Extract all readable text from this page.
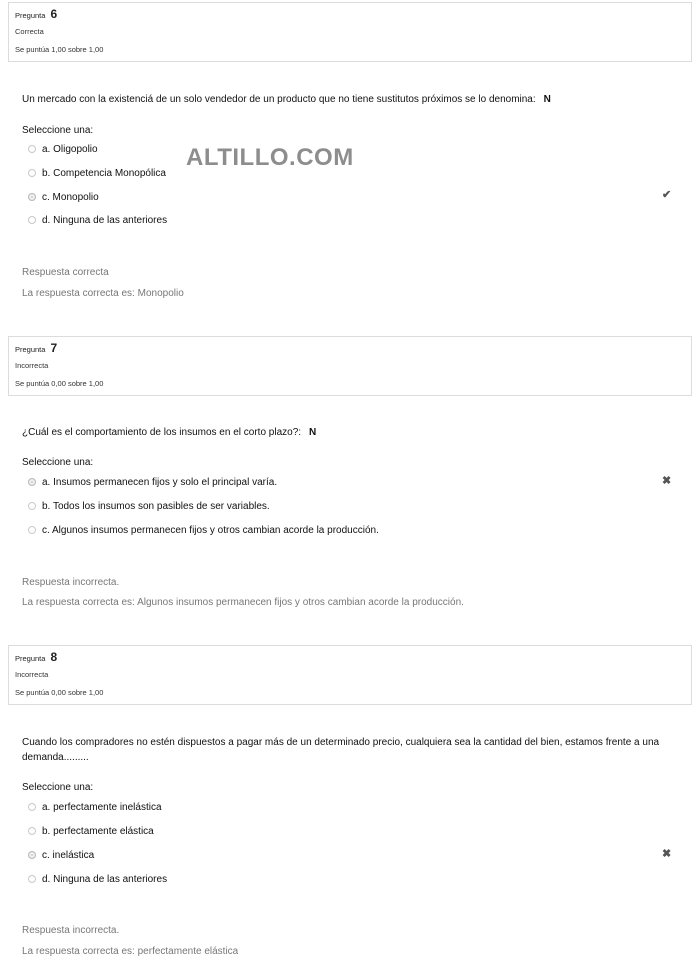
Pregunta 6
Correcta
Se puntúa 1,00 sobre 1,00
Un mercado con la existenciá de un solo vendedor de un producto que no tiene sustitutos próximos se lo denomina: N
Seleccione una:
a. Oligopolio
b. Competencia Monopólica
c. Monopolio
d. Ninguna de las anteriores
✔
Respuesta correcta
La respuesta correcta es: Monopolio
ALTILLO.COM
Pregunta 7
Incorrecta
Se puntúa 0,00 sobre 1,00
¿Cuál es el comportamiento de los insumos en el corto plazo?: N
Seleccione una:
a. Insumos permanecen fijos y solo el principal varía.
b. Todos los insumos son pasibles de ser variables.
c. Algunos insumos permanecen fijos y otros cambian acorde la producción.
✖
Respuesta incorrecta.
La respuesta correcta es: Algunos insumos permanecen fijos y otros cambian acorde la producción.
Pregunta 8
Incorrecta
Se puntúa 0,00 sobre 1,00
Cuando los compradores no estén dispuestos a pagar más de un determinado precio, cualquiera sea la cantidad del bien, estamos frente a una demanda.........
Seleccione una:
a. perfectamente inelástica
b. perfectamente elástica
c. inelástica
d. Ninguna de las anteriores
✖
Respuesta incorrecta.
La respuesta correcta es: perfectamente elástica
